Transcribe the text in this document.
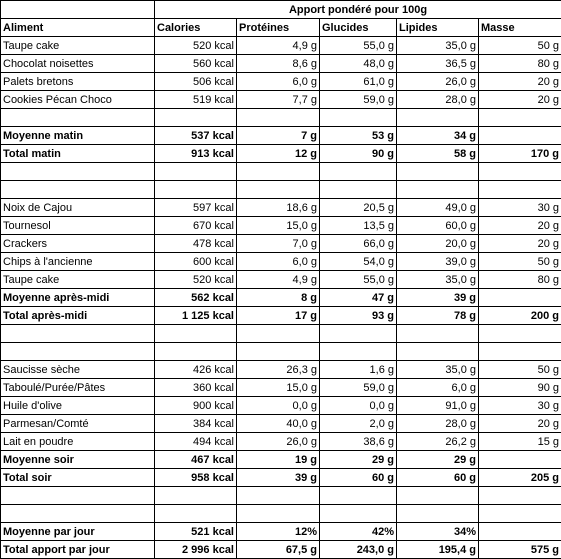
	Apport pondéré pour 100g				
Aliment	Calories	Protéines	Glucides	Lipides	Masse
Taupe cake	520 kcal	4,9 g	55,0 g	35,0 g	50 g
Chocolat noisettes	560 kcal	8,6 g	48,0 g	36,5 g	80 g
Palets bretons	506 kcal	6,0 g	61,0 g	26,0 g	20 g
Cookies Pécan Choco	519 kcal	7,7 g	59,0 g	28,0 g	20 g

Moyenne matin	537 kcal	7 g	53 g	34 g	
Total matin	913 kcal	12 g	90 g	58 g	170 g

Noix de Cajou	597 kcal	18,6 g	20,5 g	49,0 g	30 g
Tournesol	670 kcal	15,0 g	13,5 g	60,0 g	20 g
Crackers	478 kcal	7,0 g	66,0 g	20,0 g	20 g
Chips à l'ancienne	600 kcal	6,0 g	54,0 g	39,0 g	50 g
Taupe cake	520 kcal	4,9 g	55,0 g	35,0 g	80 g
Moyenne après-midi	562 kcal	8 g	47 g	39 g	
Total après-midi	1 125 kcal	17 g	93 g	78 g	200 g

Saucisse sèche	426 kcal	26,3 g	1,6 g	35,0 g	50 g
Taboulé/Purée/Pâtes	360 kcal	15,0 g	59,0 g	6,0 g	90 g
Huile d'olive	900 kcal	0,0 g	0,0 g	91,0 g	30 g
Parmesan/Comté	384 kcal	40,0 g	2,0 g	28,0 g	20 g
Lait en poudre	494 kcal	26,0 g	38,6 g	26,2 g	15 g
Moyenne soir	467 kcal	19 g	29 g	29 g	
Total soir	958 kcal	39 g	60 g	60 g	205 g

Moyenne par jour	521 kcal	12%	42%	34%	
Total apport par jour	2 996 kcal	67,5 g	243,0 g	195,4 g	575 g
